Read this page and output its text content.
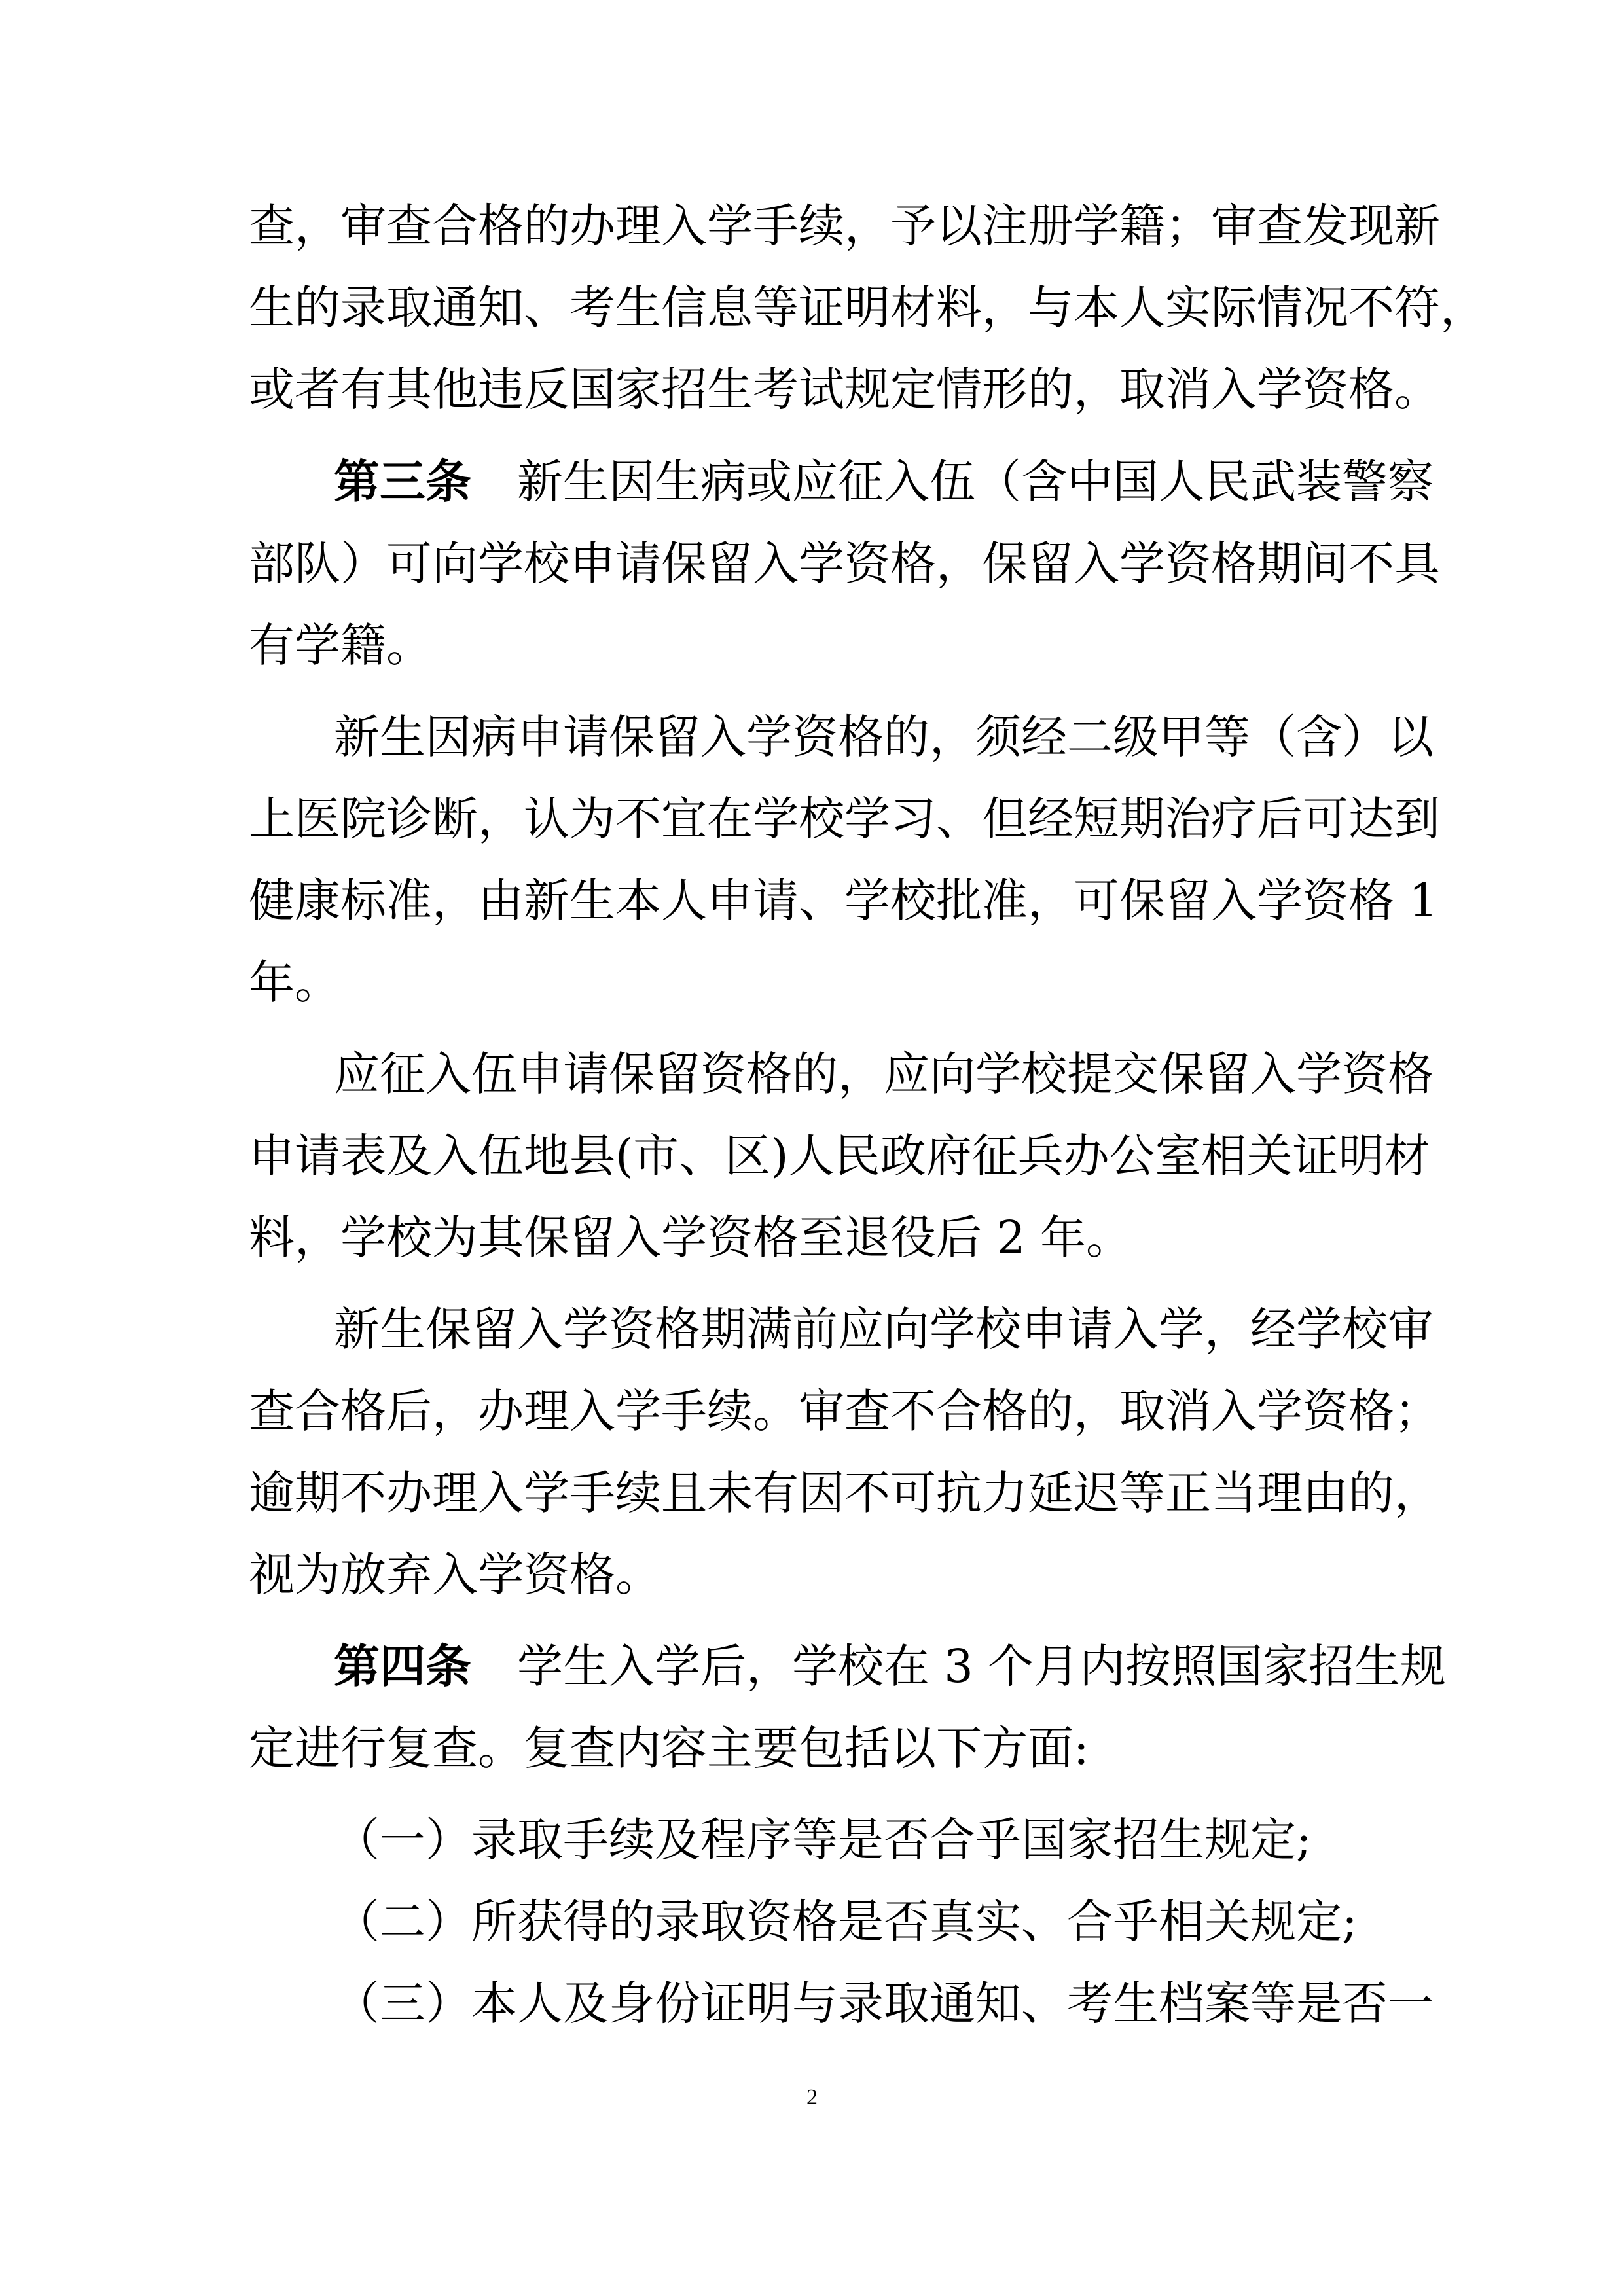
查，审查合格的办理入学手续，予以注册学籍；审查发现新
生的录取通知、考生信息等证明材料，与本人实际情况不符，
或者有其他违反国家招生考试规定情形的，取消入学资格。
第三条 新生因生病或应征入伍（含中国人民武装警察
部队）可向学校申请保留入学资格，保留入学资格期间不具
有学籍。
新生因病申请保留入学资格的，须经二级甲等（含）以
上医院诊断，认为不宜在学校学习、但经短期治疗后可达到
健康标准，由新生本人申请、学校批准，可保留入学资格 1
年。
应征入伍申请保留资格的，应向学校提交保留入学资格
申请表及入伍地县(市、区)人民政府征兵办公室相关证明材
料，学校为其保留入学资格至退役后 2 年。
新生保留入学资格期满前应向学校申请入学，经学校审
查合格后，办理入学手续。审查不合格的，取消入学资格；
逾期不办理入学手续且未有因不可抗力延迟等正当理由的，
视为放弃入学资格。
第四条 学生入学后，学校在 3 个月内按照国家招生规
定进行复查。复查内容主要包括以下方面:
（一）录取手续及程序等是否合乎国家招生规定;
（二）所获得的录取资格是否真实、合乎相关规定;
（三）本人及身份证明与录取通知、考生档案等是否一
2
